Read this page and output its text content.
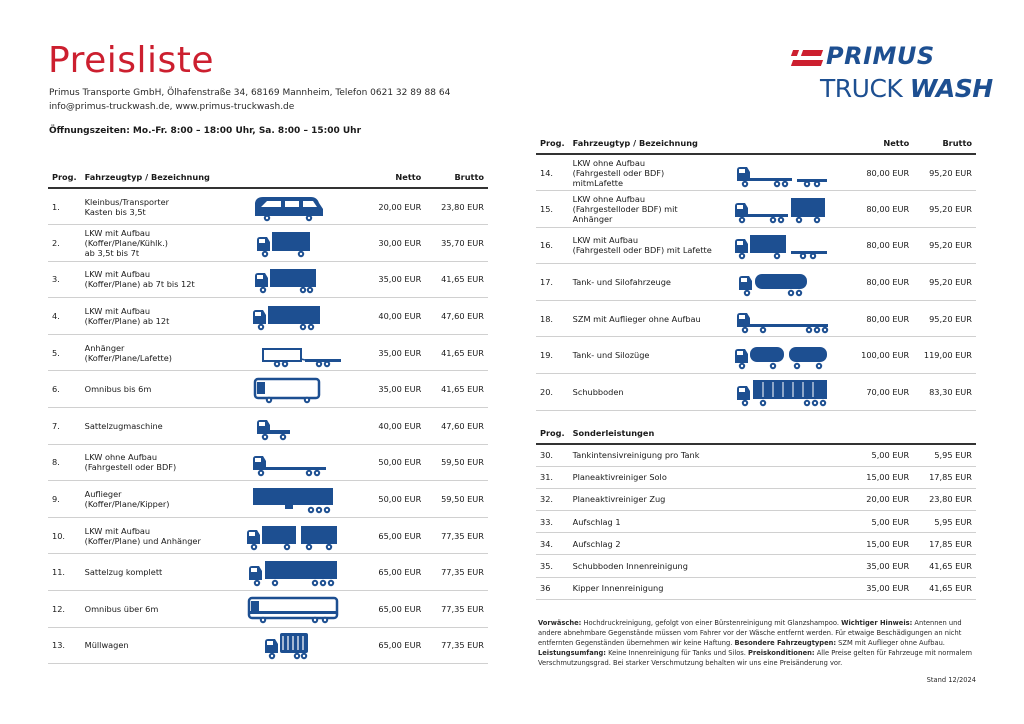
Preisliste
Primus Transporte GmbH, Ölhafenstraße 34, 68169 Mannheim, Telefon 0621 32 89 88 64
info@primus-truckwash.de, www.primus-truckwash.de
Öffnungszeiten: Mo.-Fr. 8:00 – 18:00 Uhr, Sa. 8:00 – 15:00 Uhr
PRIMUS
TRUCK WASH
Prog.	Fahrzeugtyp / Bezeichnung		Netto	Brutto
1.	Kleinbus/Transporter
Kasten bis 3,5t		20,00 EUR	23,80 EUR
2.	LKW mit Aufbau
(Koffer/Plane/Kühlk.)
ab 3,5t bis 7t		30,00 EUR	35,70 EUR
3.	LKW mit Aufbau
(Koffer/Plane) ab 7t bis 12t		35,00 EUR	41,65 EUR
4.	LKW mit Aufbau
(Koffer/Plane) ab 12t		40,00 EUR	47,60 EUR
5.	Anhänger
(Koffer/Plane/Lafette)		35,00 EUR	41,65 EUR
6.	Omnibus bis 6m		35,00 EUR	41,65 EUR
7.	Sattelzugmaschine		40,00 EUR	47,60 EUR
8.	LKW ohne Aufbau
(Fahrgestell oder BDF)		50,00 EUR	59,50 EUR
9.	Auflieger
(Koffer/Plane/Kipper)		50,00 EUR	59,50 EUR
10.	LKW mit Aufbau
(Koffer/Plane) und Anhänger		65,00 EUR	77,35 EUR
11.	Sattelzug komplett		65,00 EUR	77,35 EUR
12.	Omnibus über 6m		65,00 EUR	77,35 EUR
13.	Müllwagen		65,00 EUR	77,35 EUR
Prog.	Fahrzeugtyp / Bezeichnung		Netto	Brutto
14.	LKW ohne Aufbau
(Fahrgestell oder BDF) mitmLafette		80,00 EUR	95,20 EUR
15.	LKW ohne Aufbau
(Fahrgestelloder BDF) mit Anhänger		80,00 EUR	95,20 EUR
16.	LKW mit Aufbau
(Fahrgestell oder BDF) mit Lafette		80,00 EUR	95,20 EUR
17.	Tank- und Silofahrzeuge		80,00 EUR	95,20 EUR
18.	SZM mit Auflieger ohne Aufbau		80,00 EUR	95,20 EUR
19.	Tank- und Silozüge		100,00 EUR	119,00 EUR
20.	Schubboden		70,00 EUR	83,30 EUR
Prog.	Sonderleistungen		
30.	Tankintensivreinigung pro Tank	5,00 EUR	5,95 EUR
31.	Planeaktivreiniger Solo	15,00 EUR	17,85 EUR
32.	Planeaktivreiniger Zug	20,00 EUR	23,80 EUR
33.	Aufschlag 1	5,00 EUR	5,95 EUR
34.	Aufschlag 2	15,00 EUR	17,85 EUR
35.	Schubboden Innenreinigung	35,00 EUR	41,65 EUR
36	Kipper Innenreinigung	35,00 EUR	41,65 EUR
Vorwäsche: Hochdruckreinigung, gefolgt von einer Bürstenreinigung mit Glanzshampoo. Wichtiger Hinweis: Antennen und andere abnehmbare Gegenstände müssen vom Fahrer vor der Wäsche entfernt werden. Für etwaige Beschädigungen an nicht entfernten Gegenständen übernehmen wir keine Haftung. Besondere Fahrzeugtypen: SZM mit Auflieger ohne Aufbau. Leistungsumfang: Keine Innenreinigung für Tanks und Silos. Preiskonditionen: Alle Preise gelten für Fahrzeuge mit normalem Verschmutzungsgrad. Bei starker Verschmutzung behalten wir uns eine Preisänderung vor.
Stand 12/2024
